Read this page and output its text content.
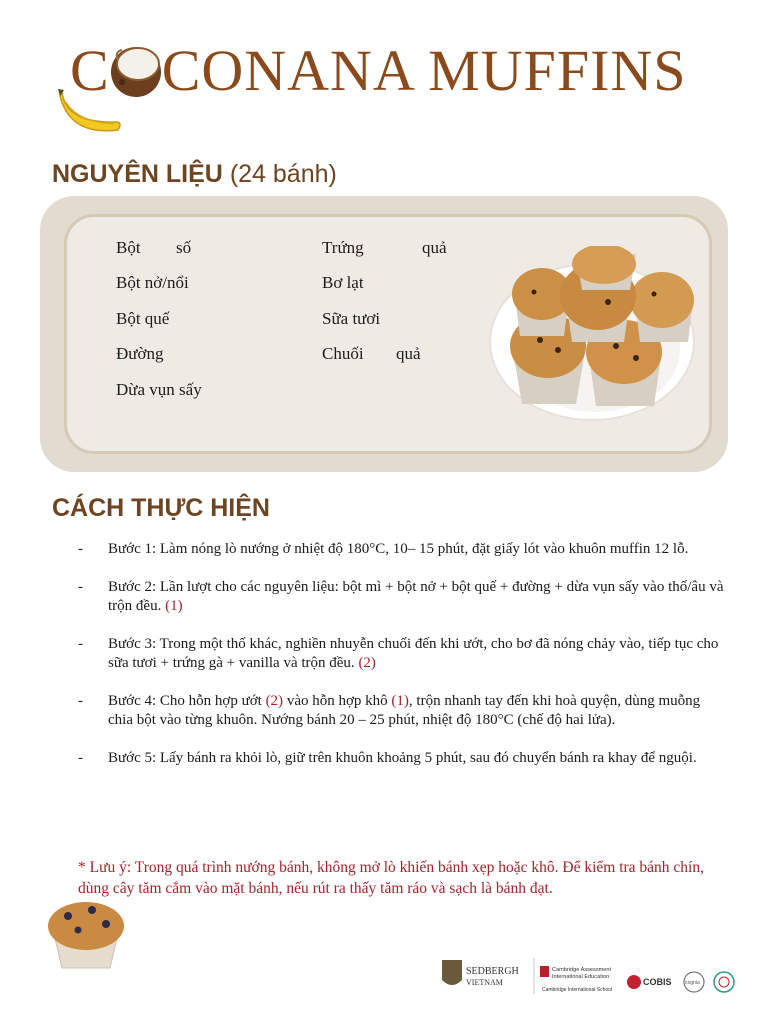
C CONANA MUFFINS
NGUYÊN LIỆU (24 bánh)
Bột số
Bột nở/nổi
Bột quế
Đường
Dừa vụn sấy
Trứng	quả
Bơ lạt
Sữa tươi
Chuối quả
CÁCH THỰC HIỆN
- Bước 1: Làm nóng lò nướng ở nhiệt độ 180°C, 10– 15 phút, đặt giấy lót vào khuôn muffin 12 lỗ.
- Bước 2: Lần lượt cho các nguyên liệu: bột mì + bột nở + bột quế + đường + dừa vụn sấy vào thố/âu và trộn đều. (1)
- Bước 3: Trong một thố khác, nghiền nhuyễn chuối đến khi ướt, cho bơ đã nóng chảy vào, tiếp tục cho sữa tươi + trứng gà + vanilla và trộn đều. (2)
- Bước 4: Cho hỗn hợp ướt (2) vào hỗn hợp khô (1), trộn nhanh tay đến khi hoà quyện, dùng muỗng chia bột vào từng khuôn. Nướng bánh 20 – 25 phút, nhiệt độ 180°C (chế độ hai lửa).
- Bước 5: Lấy bánh ra khỏi lò, giữ trên khuôn khoảng 5 phút, sau đó chuyển bánh ra khay để nguội.
* Lưu ý: Trong quá trình nướng bánh, không mở lò khiến bánh xẹp hoặc khô. Để kiểm tra bánh chín, dùng cây tăm cắm vào mặt bánh, nếu rút ra thấy tăm ráo và sạch là bánh đạt.
SEDBERGH
VIETNAM
Cambridge Assessment
International Education
Cambridge International School
COBIS	cognia
